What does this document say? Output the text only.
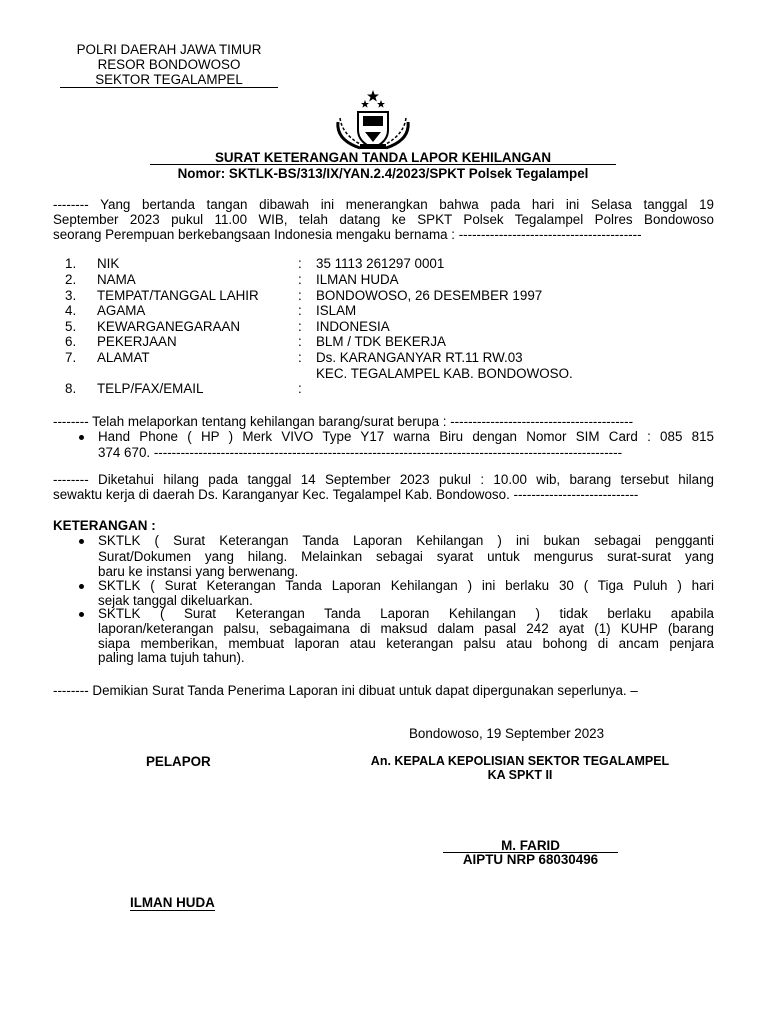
POLRI DAERAH JAWA TIMUR
RESOR BONDOWOSO
SEKTOR TEGALAMPEL
SURAT KETERANGAN TANDA LAPOR KEHILANGAN
Nomor: SKTLK-BS/313/IX/YAN.2.4/2023/SPKT Polsek Tegalampel
-------- Yang bertanda tangan dibawah ini menerangkan bahwa pada hari ini Selasa tanggal 19
September 2023 pukul 11.00 WIB, telah datang ke SPKT Polsek Tegalampel Polres Bondowoso
seorang Perempuan berkebangsaan Indonesia mengaku bernama : -----------------------------------------
1.	NIK	: 35 1113 261297 0001
2.	NAMA	: ILMAN HUDA
3.	TEMPAT/TANGGAL LAHIR	: BONDOWOSO, 26 DESEMBER 1997
4.	AGAMA	: ISLAM
5.	KEWARGANEGARAAN	: INDONESIA
6.	PEKERJAAN	: BLM / TDK BEKERJA
7.	ALAMAT	: Ds. KARANGANYAR RT.11 RW.03
KEC. TEGALAMPEL KAB. BONDOWOSO.
8.	TELP/FAX/EMAIL	:
-------- Telah melaporkan tentang kehilangan barang/surat berupa : -----------------------------------------
Hand Phone ( HP ) Merk VIVO Type Y17 warna Biru dengan Nomor SIM Card : 085 815
374 670. ---------------------------------------------------------------------------------------------------------
-------- Diketahui hilang pada tanggal 14 September 2023 pukul : 10.00 wib, barang tersebut hilang
sewaktu kerja di daerah Ds. Karanganyar Kec. Tegalampel Kab. Bondowoso. ----------------------------
KETERANGAN :
SKTLK ( Surat Keterangan Tanda Laporan Kehilangan ) ini bukan sebagai pengganti
Surat/Dokumen yang hilang. Melainkan sebagai syarat untuk mengurus surat-surat yang
baru ke instansi yang berwenang.
SKTLK ( Surat Keterangan Tanda Laporan Kehilangan ) ini berlaku 30 ( Tiga Puluh ) hari
sejak tanggal dikeluarkan.
SKTLK ( Surat Keterangan Tanda Laporan Kehilangan ) tidak berlaku apabila
laporan/keterangan palsu, sebagaimana di maksud dalam pasal 242 ayat (1) KUHP (barang
siapa memberikan, membuat laporan atau keterangan palsu atau bohong di ancam penjara
paling lama tujuh tahun).
-------- Demikian Surat Tanda Penerima Laporan ini dibuat untuk dapat dipergunakan seperlunya. –
Bondowoso, 19 September 2023
PELAPOR	An. KEPALA KEPOLISIAN SEKTOR TEGALAMPEL
KA SPKT II
M. FARID
AIPTU NRP 68030496
ILMAN HUDA
